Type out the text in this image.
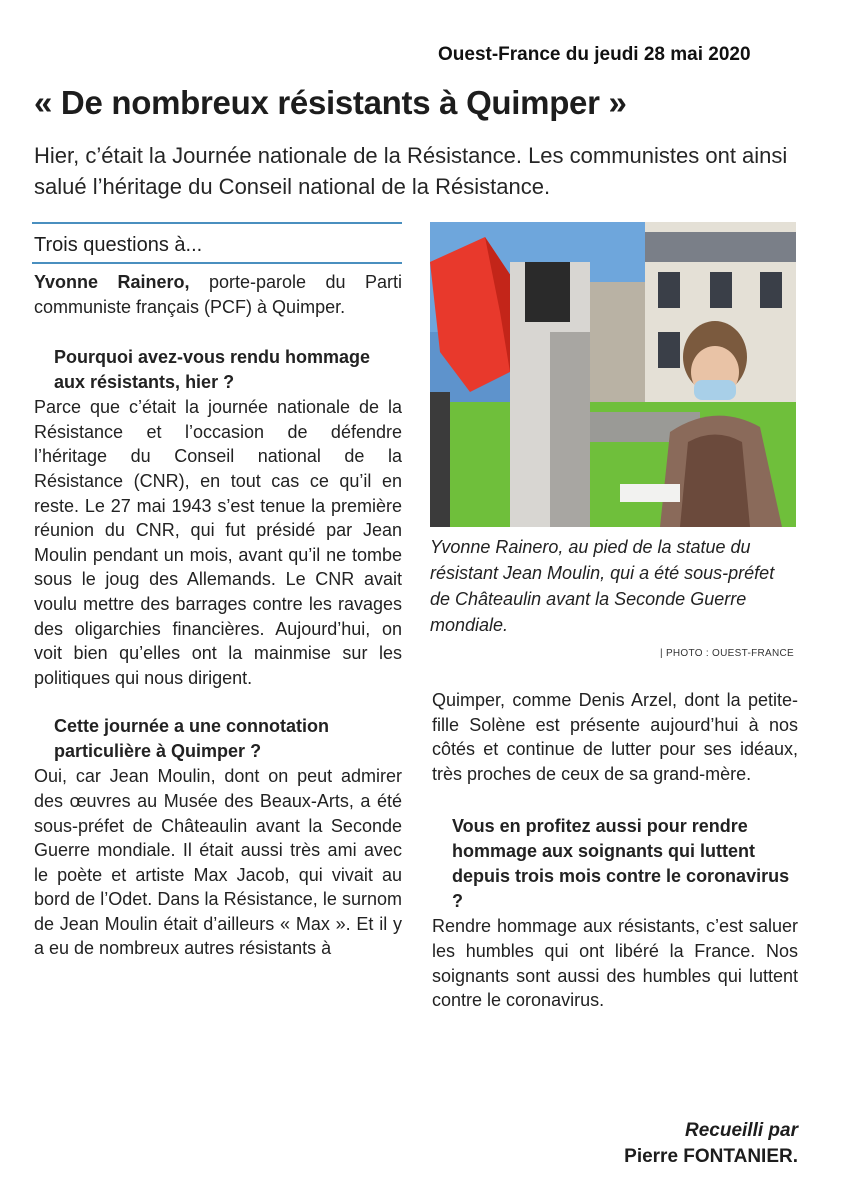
Ouest-France du jeudi 28 mai 2020
« De nombreux résistants à Quimper »
Hier, c’était la Journée nationale de la Résistance. Les communistes ont ainsi salué l’héritage du Conseil national de la Résistance.
Trois questions à...

Yvonne Rainero, porte-parole du Parti communiste français (PCF) à Quimper.

Pourquoi avez-vous rendu hommage aux résistants, hier ?

Parce que c’était la journée nationale de la Résistance et l’occasion de défendre l’héritage du Conseil national de la Résistance (CNR), en tout cas ce qu’il en reste. Le 27 mai 1943 s’est tenue la première réunion du CNR, qui fut présidé par Jean Moulin pendant un mois, avant qu’il ne tombe sous le joug des Allemands. Le CNR avait voulu mettre des barrages contre les ravages des oligarchies financières. Aujourd’hui, on voit bien qu’elles ont la mainmise sur les politiques qui nous dirigent.

Cette journée a une connotation particulière à Quimper ?

Oui, car Jean Moulin, dont on peut admirer des œuvres au Musée des Beaux-Arts, a été sous-préfet de Châteaulin avant la Seconde Guerre mondiale. Il était aussi très ami avec le poète et artiste Max Jacob, qui vivait au bord de l’Odet. Dans la Résistance, le surnom de Jean Moulin était d’ailleurs « Max ». Et il y a eu de nombreux autres résistants à

Yvonne Rainero, au pied de la statue du résistant Jean Moulin, qui a été sous-préfet de Châteaulin avant la Seconde Guerre mondiale.
| PHOTO : OUEST-FRANCE

Quimper, comme Denis Arzel, dont la petite-fille Solène est présente aujourd’hui à nos côtés et continue de lutter pour ses idéaux, très proches de ceux de sa grand-mère.

Vous en profitez aussi pour rendre hommage aux soignants qui luttent depuis trois mois contre le coronavirus ?

Rendre hommage aux résistants, c’est saluer les humbles qui ont libéré la France. Nos soignants sont aussi des humbles qui luttent contre le coronavirus.

Recueilli par
Pierre FONTANIER.
